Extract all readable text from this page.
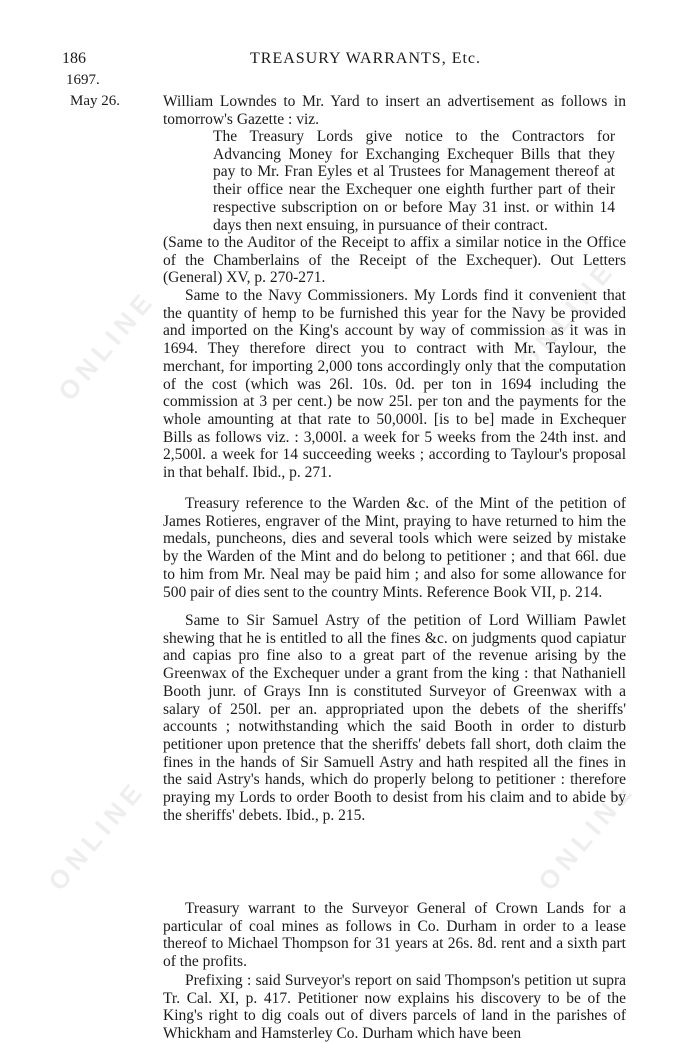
ONLINE	ONLINE
ONLINE	ONLINE
186	TREASURY WARRANTS, Etc.
1697.
May 26.	William Lowndes to Mr. Yard to insert an advertisement as follows in tomorrow's Gazette : viz.
The Treasury Lords give notice to the Contractors for Advancing Money for Exchanging Exchequer Bills that they pay to Mr. Fran Eyles et al Trustees for Management thereof at their office near the Exchequer one eighth further part of their respective subscription on or before May 31 inst. or within 14 days then next ensuing, in pursuance of their contract.
(Same to the Auditor of the Receipt to affix a similar notice in the Office of the Chamberlains of the Receipt of the Exchequer). Out Letters (General) XV, p. 270-271.
Same to the Navy Commissioners. My Lords find it convenient that the quantity of hemp to be furnished this year for the Navy be provided and imported on the King's account by way of commission as it was in 1694. They therefore direct you to contract with Mr. Taylour, the merchant, for importing 2,000 tons accordingly only that the computation of the cost (which was 26l. 10s. 0d. per ton in 1694 including the commission at 3 per cent.) be now 25l. per ton and the payments for the whole amounting at that rate to 50,000l. [is to be] made in Exchequer Bills as follows viz. : 3,000l. a week for 5 weeks from the 24th inst. and 2,500l. a week for 14 succeeding weeks ; according to Taylour's proposal in that behalf. Ibid., p. 271.
Treasury reference to the Warden &c. of the Mint of the petition of James Rotieres, engraver of the Mint, praying to have returned to him the medals, puncheons, dies and several tools which were seized by mistake by the Warden of the Mint and do belong to petitioner ; and that 66l. due to him from Mr. Neal may be paid him ; and also for some allowance for 500 pair of dies sent to the country Mints. Reference Book VII, p. 214.
Same to Sir Samuel Astry of the petition of Lord William Pawlet shewing that he is entitled to all the fines &c. on judgments quod capiatur and capias pro fine also to a great part of the revenue arising by the Greenwax of the Exchequer under a grant from the king : that Nathaniell Booth junr. of Grays Inn is constituted Surveyor of Greenwax with a salary of 250l. per an. appropriated upon the debets of the sheriffs' accounts ; notwithstanding which the said Booth in order to disturb petitioner upon pretence that the sheriffs' debets fall short, doth claim the fines in the hands of Sir Samuell Astry and hath respited all the fines in the said Astry's hands, which do properly belong to petitioner : therefore praying my Lords to order Booth to desist from his claim and to abide by the sheriffs' debets. Ibid., p. 215.
Treasury warrant to the Surveyor General of Crown Lands for a particular of coal mines as follows in Co. Durham in order to a lease thereof to Michael Thompson for 31 years at 26s. 8d. rent and a sixth part of the profits.
Prefixing : said Surveyor's report on said Thompson's petition ut supra Tr. Cal. XI, p. 417. Petitioner now explains his discovery to be of the King's right to dig coals out of divers parcels of land in the parishes of Whickham and Hamsterley Co. Durham which have been
